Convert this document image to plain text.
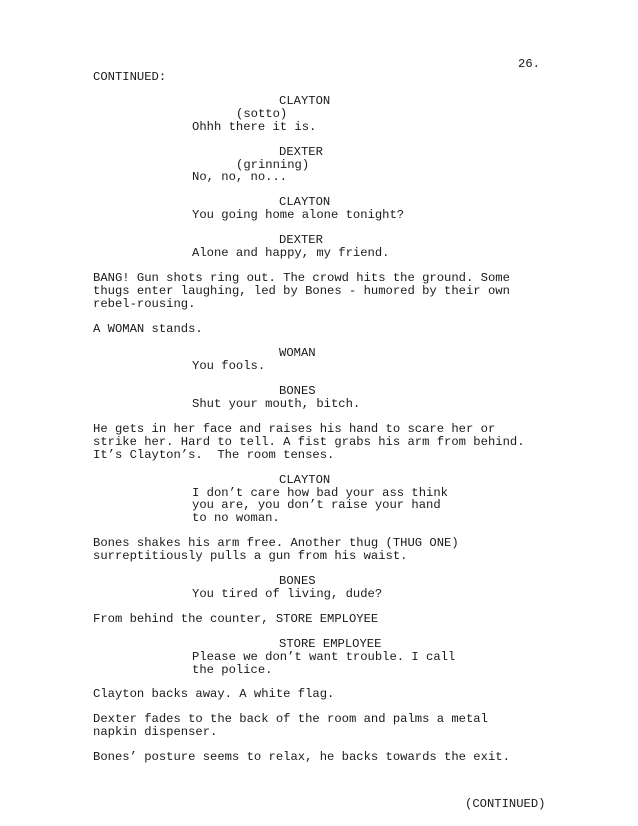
26.
CONTINUED:
CLAYTON
(sotto)
Ohhh there it is.
DEXTER
(grinning)
No, no, no...
CLAYTON
You going home alone tonight?
DEXTER
Alone and happy, my friend.
BANG! Gun shots ring out. The crowd hits the ground. Some
thugs enter laughing, led by Bones - humored by their own
rebel-rousing.
A WOMAN stands.
WOMAN
You fools.
BONES
Shut your mouth, bitch.
He gets in her face and raises his hand to scare her or
strike her. Hard to tell. A fist grabs his arm from behind.
It’s Clayton’s.  The room tenses.
CLAYTON
I don’t care how bad your ass think
you are, you don’t raise your hand
to no woman.
Bones shakes his arm free. Another thug (THUG ONE)
surreptitiously pulls a gun from his waist.
BONES
You tired of living, dude?
From behind the counter, STORE EMPLOYEE
STORE EMPLOYEE
Please we don’t want trouble. I call
the police.
Clayton backs away. A white flag.
Dexter fades to the back of the room and palms a metal
napkin dispenser.
Bones’ posture seems to relax, he backs towards the exit.
(CONTINUED)
